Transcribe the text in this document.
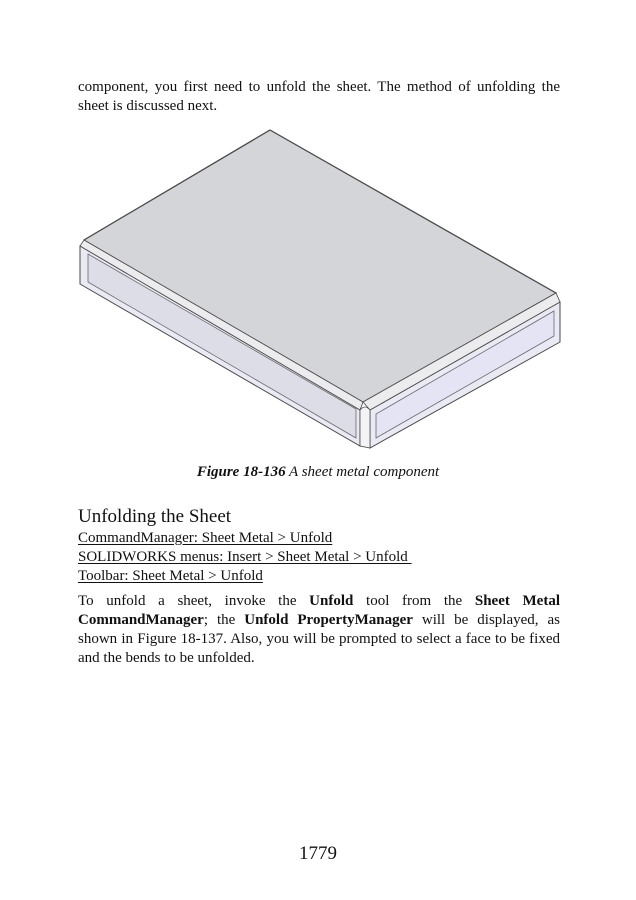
component, you first need to unfold the sheet. The method of unfolding the sheet is discussed next.

Figure 18-136 A sheet metal component
Unfolding the Sheet
CommandManager: Sheet Metal > Unfold
SOLIDWORKS menus: Insert > Sheet Metal > Unfold
Toolbar: Sheet Metal > Unfold

To unfold a sheet, invoke the Unfold tool from the Sheet Metal CommandManager; the Unfold PropertyManager will be displayed, as shown in Figure 18-137. Also, you will be prompted to select a face to be fixed and the bends to be unfolded.

1779
